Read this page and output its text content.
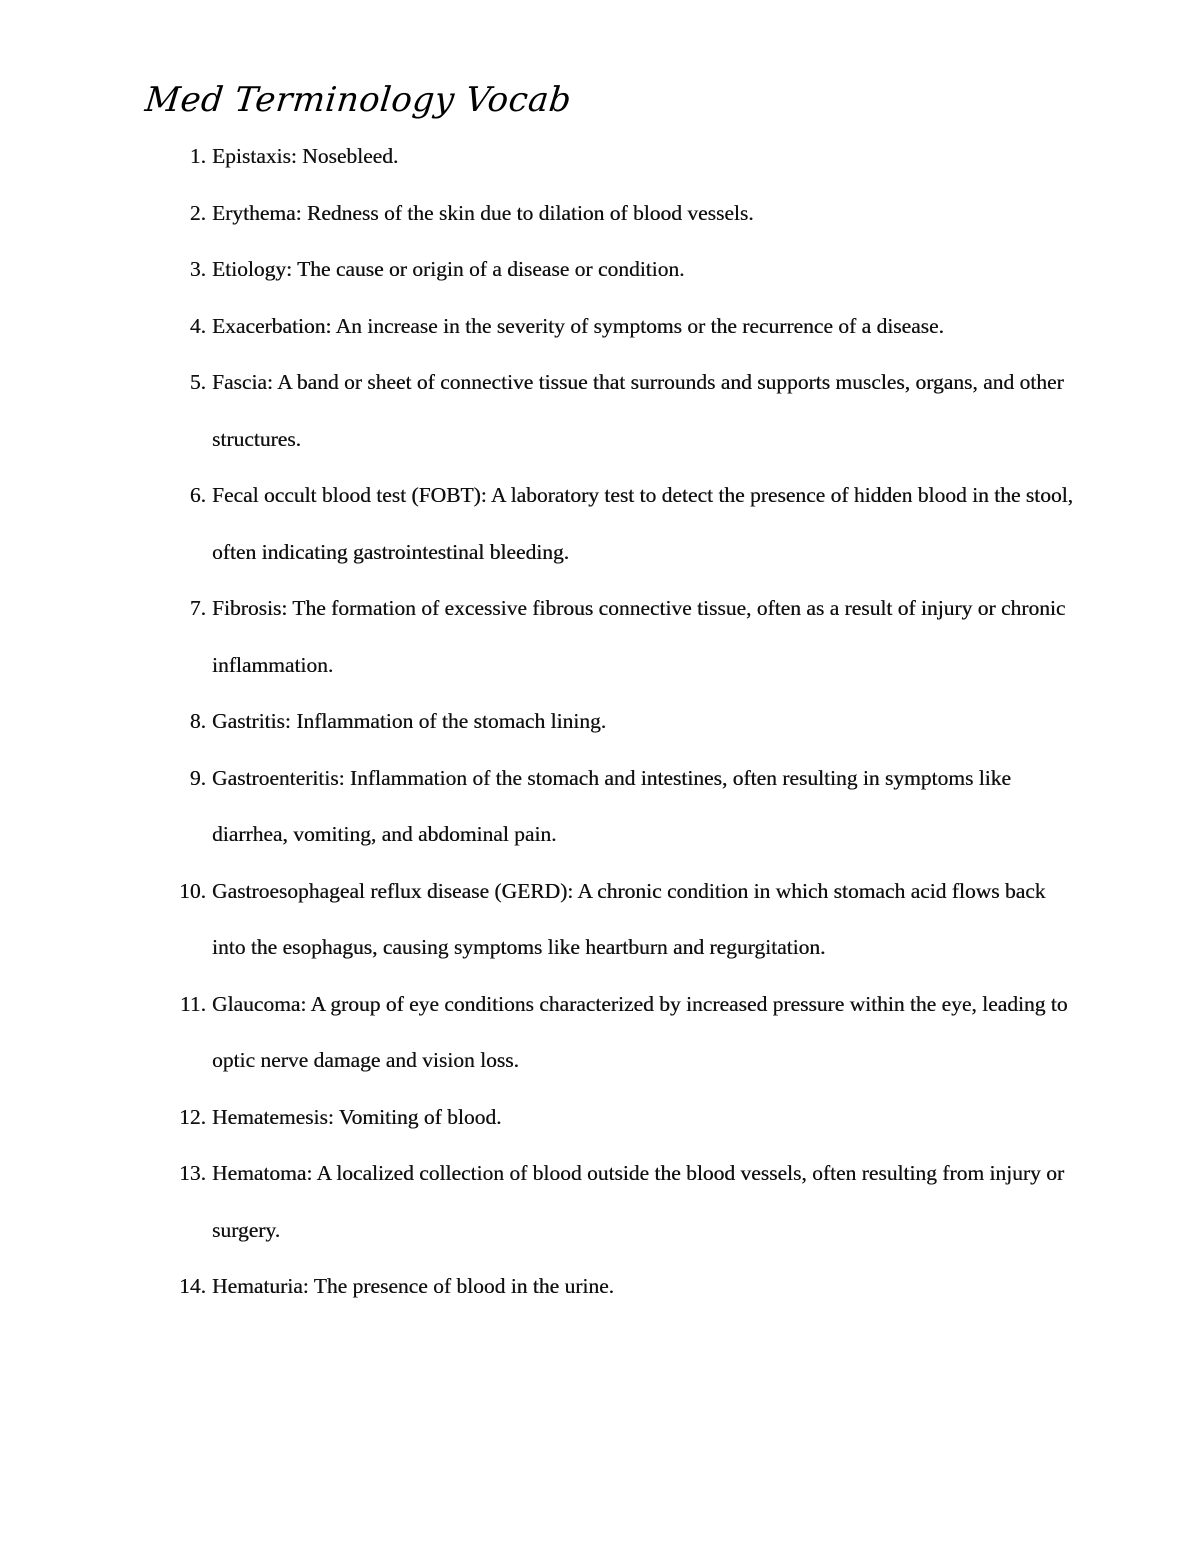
Med Terminology Vocab
1. Epistaxis: Nosebleed.
2. Erythema: Redness of the skin due to dilation of blood vessels.
3. Etiology: The cause or origin of a disease or condition.
4. Exacerbation: An increase in the severity of symptoms or the recurrence of a disease.
5. Fascia: A band or sheet of connective tissue that surrounds and supports muscles, organs, and other structures.
6. Fecal occult blood test (FOBT): A laboratory test to detect the presence of hidden blood in the stool, often indicating gastrointestinal bleeding.
7. Fibrosis: The formation of excessive fibrous connective tissue, often as a result of injury or chronic inflammation.
8. Gastritis: Inflammation of the stomach lining.
9. Gastroenteritis: Inflammation of the stomach and intestines, often resulting in symptoms like diarrhea, vomiting, and abdominal pain.
10. Gastroesophageal reflux disease (GERD): A chronic condition in which stomach acid flows back into the esophagus, causing symptoms like heartburn and regurgitation.
11. Glaucoma: A group of eye conditions characterized by increased pressure within the eye, leading to optic nerve damage and vision loss.
12. Hematemesis: Vomiting of blood.
13. Hematoma: A localized collection of blood outside the blood vessels, often resulting from injury or surgery.
14. Hematuria: The presence of blood in the urine.
